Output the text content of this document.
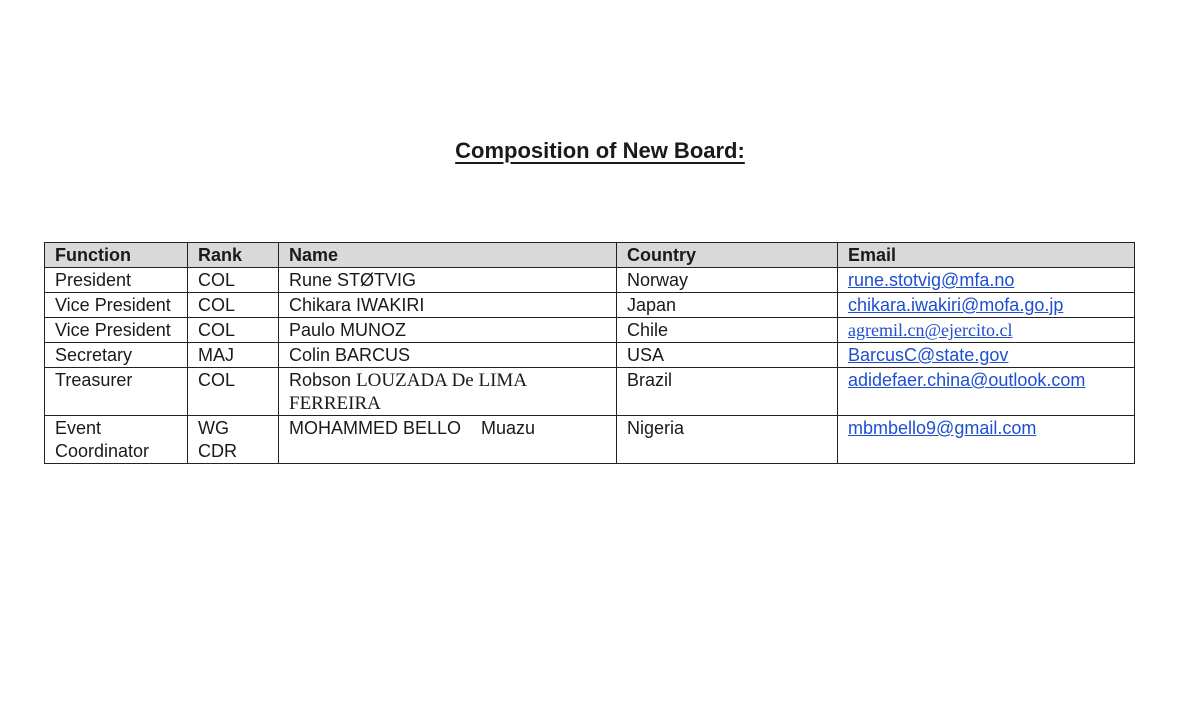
Composition of New Board:
Function	Rank	Name	Country	Email
President	COL	Rune STØTVIG	Norway	rune.stotvig@mfa.no
Vice President	COL	Chikara IWAKIRI	Japan	chikara.iwakiri@mofa.go.jp
Vice President	COL	Paulo MUNOZ	Chile	agremil.cn@ejercito.cl
Secretary	MAJ	Colin BARCUS	USA	BarcusC@state.gov
Treasurer	COL	Robson LOUZADA De LIMA FERREIRA	Brazil	adidefaer.china@outlook.com
Event Coordinator	WG CDR	MOHAMMED BELLO Muazu	Nigeria	mbmbello9@gmail.com
